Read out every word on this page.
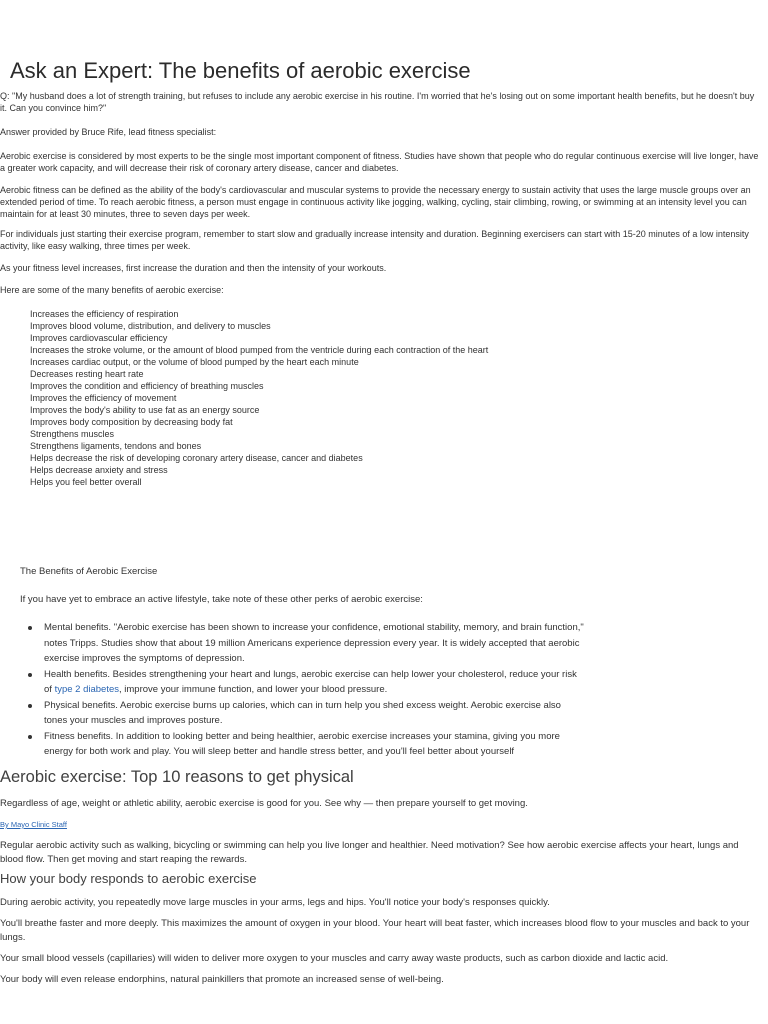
Ask an Expert: The benefits of aerobic exercise
Q: "My husband does a lot of strength training, but refuses to include any aerobic exercise in his routine. I'm worried that he's losing out on some important health benefits, but he doesn't buy it. Can you convince him?"
Answer provided by Bruce Rife, lead fitness specialist:
Aerobic exercise is considered by most experts to be the single most important component of fitness. Studies have shown that people who do regular continuous exercise will live longer, have a greater work capacity, and will decrease their risk of coronary artery disease, cancer and diabetes.
Aerobic fitness can be defined as the ability of the body's cardiovascular and muscular systems to provide the necessary energy to sustain activity that uses the large muscle groups over an extended period of time. To reach aerobic fitness, a person must engage in continuous activity like jogging, walking, cycling, stair climbing, rowing, or swimming at an intensity level you can maintain for at least 30 minutes, three to seven days per week.
For individuals just starting their exercise program, remember to start slow and gradually increase intensity and duration. Beginning exercisers can start with 15-20 minutes of a low intensity activity, like easy walking, three times per week.
As your fitness level increases, first increase the duration and then the intensity of your workouts.
Here are some of the many benefits of aerobic exercise:
Increases the efficiency of respiration
Improves blood volume, distribution, and delivery to muscles
Improves cardiovascular efficiency
Increases the stroke volume, or the amount of blood pumped from the ventricle during each contraction of the heart
Increases cardiac output, or the volume of blood pumped by the heart each minute
Decreases resting heart rate
Improves the condition and efficiency of breathing muscles
Improves the efficiency of movement
Improves the body's ability to use fat as an energy source
Improves body composition by decreasing body fat
Strengthens muscles
Strengthens ligaments, tendons and bones
Helps decrease the risk of developing coronary artery disease, cancer and diabetes
Helps decrease anxiety and stress
Helps you feel better overall
The Benefits of Aerobic Exercise
If you have yet to embrace an active lifestyle, take note of these other perks of aerobic exercise:
Mental benefits. "Aerobic exercise has been shown to increase your confidence, emotional stability, memory, and brain function," notes Tripps. Studies show that about 19 million Americans experience depression every year. It is widely accepted that aerobic exercise improves the symptoms of depression.
Health benefits. Besides strengthening your heart and lungs, aerobic exercise can help lower your cholesterol, reduce your risk of type 2 diabetes, improve your immune function, and lower your blood pressure.
Physical benefits. Aerobic exercise burns up calories, which can in turn help you shed excess weight. Aerobic exercise also tones your muscles and improves posture.
Fitness benefits. In addition to looking better and being healthier, aerobic exercise increases your stamina, giving you more energy for both work and play. You will sleep better and handle stress better, and you'll feel better about yourself
Aerobic exercise: Top 10 reasons to get physical
Regardless of age, weight or athletic ability, aerobic exercise is good for you. See why — then prepare yourself to get moving.
By Mayo Clinic Staff
Regular aerobic activity such as walking, bicycling or swimming can help you live longer and healthier. Need motivation? See how aerobic exercise affects your heart, lungs and blood flow. Then get moving and start reaping the rewards.
How your body responds to aerobic exercise
During aerobic activity, you repeatedly move large muscles in your arms, legs and hips. You'll notice your body's responses quickly.
You'll breathe faster and more deeply. This maximizes the amount of oxygen in your blood. Your heart will beat faster, which increases blood flow to your muscles and back to your lungs.
Your small blood vessels (capillaries) will widen to deliver more oxygen to your muscles and carry away waste products, such as carbon dioxide and lactic acid.
Your body will even release endorphins, natural painkillers that promote an increased sense of well-being.
